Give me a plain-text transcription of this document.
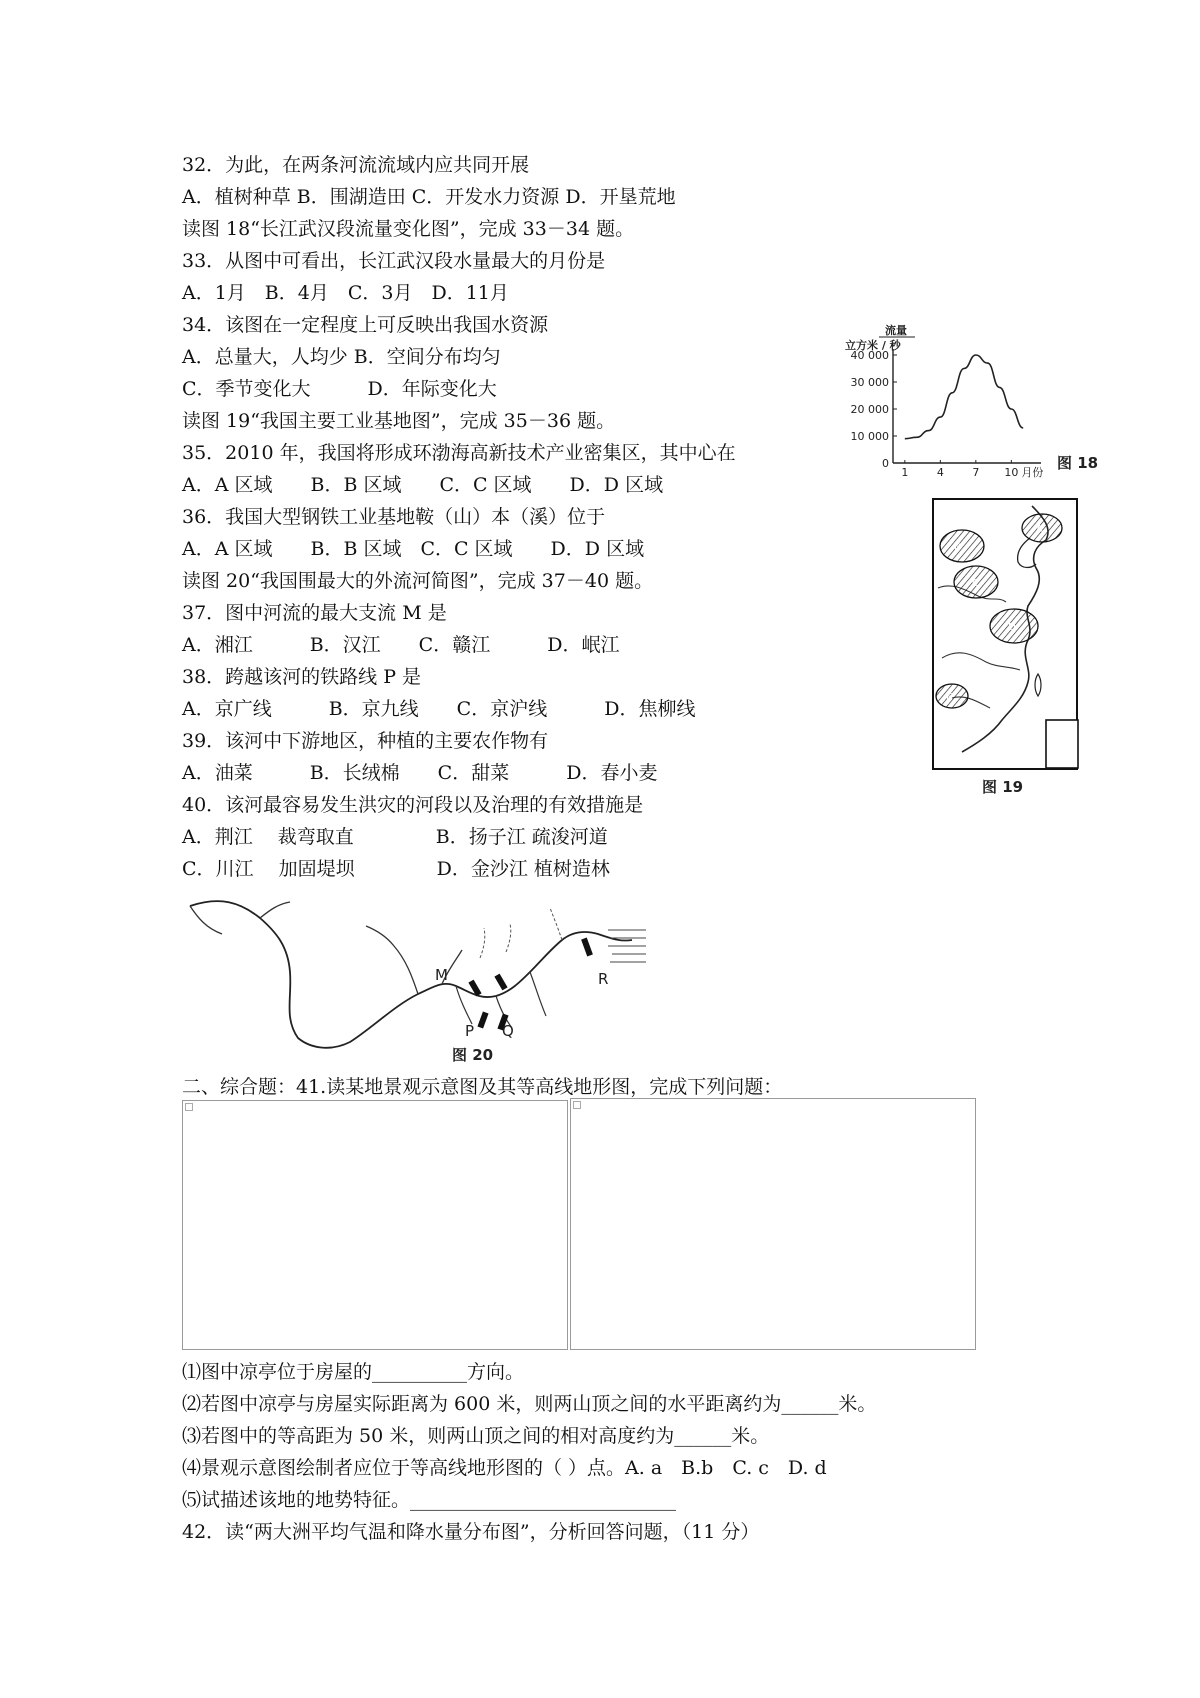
32．为此，在两条河流流域内应共同开展
A．植树种草 B．围湖造田 C．开发水力资源 D．开垦荒地
读图 18“长江武汉段流量变化图”，完成 33－34 题。
33．从图中可看出，长江武汉段水量最大的月份是
A．1月　B．4月　C．3月　D．11月
34．该图在一定程度上可反映出我国水资源
A．总量大，人均少 B．空间分布均匀
C．季节变化大　　　D．年际变化大
读图 19“我国主要工业基地图”，完成 35－36 题。
35．2010 年，我国将形成环渤海高新技术产业密集区，其中心在
A．A 区域　　B．B 区域　　C．C 区域　　D．D 区域
36．我国大型钢铁工业基地鞍（山）本（溪）位于
A．A 区域　　B．B 区域　C．C 区域　　D．D 区域
读图 20“我国围最大的外流河简图”，完成 37－40 题。
37．图中河流的最大支流 M 是
A．湘江　　　B．汉江　　C．赣江　　　D．岷江
38．跨越该河的铁路线 P 是
A．京广线　　　B．京九线　　C．京沪线　　　D．焦柳线
39．该河中下游地区，种植的主要农作物有
A．油菜　　　B．长绒棉　　C．甜菜　　　D．春小麦
40．该河最容易发生洪灾的河段以及治理的有效措施是
A．荆江　 裁弯取直　　　　 B．扬子江 疏浚河道
C．川江　 加固堤坝　　　　 D．金沙江 植树造林
流量
立方米 / 秒
40 000
30 000
20 000
10 000
0
1	4	7 10 月份
图 18
A
B
C
D
E
图 19
M
P Q
R
图 20
二、综合题：41.读某地景观示意图及其等高线地形图，完成下列问题：
⑴图中凉亭位于房屋的__________方向。
⑵若图中凉亭与房屋实际距离为 600 米，则两山顶之间的水平距离约为______米。
⑶若图中的等高距为 50 米，则两山顶之间的相对高度约为______米。
⑷景观示意图绘制者应位于等高线地形图的（ ）点。A. a　B.b　C. c　D. d
⑸试描述该地的地势特征。____________________________
42．读“两大洲平均气温和降水量分布图”，分析回答问题，（11 分）
